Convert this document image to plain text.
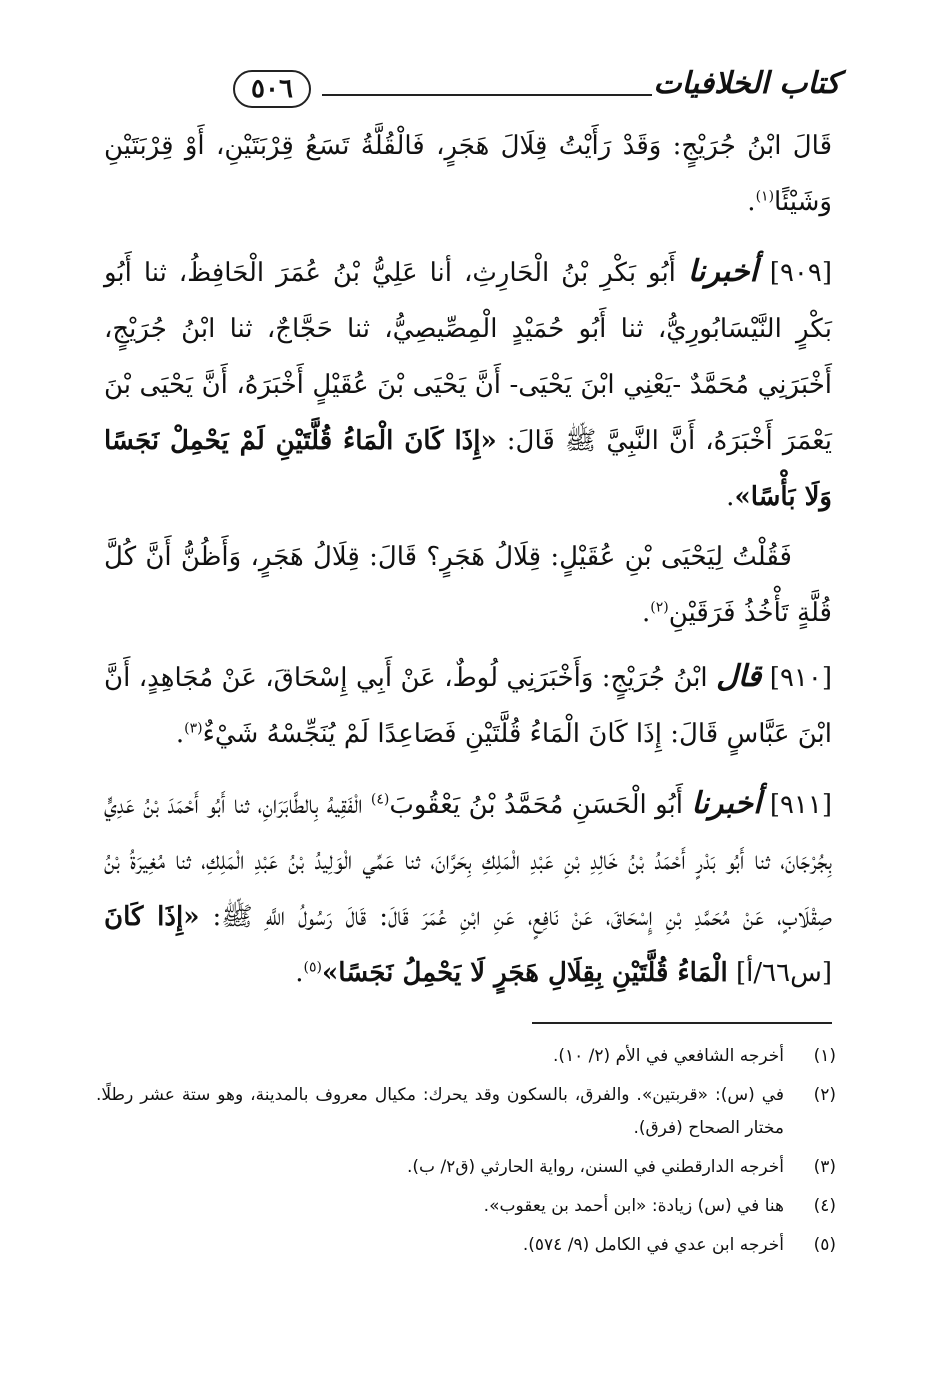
٥٠٦	كتاب الخلافيات

قَالَ ابْنُ جُرَيْجٍ: وَقَدْ رَأَيْتُ قِلَالَ هَجَرٍ، فَالْقُلَّةُ تَسَعُ قِرْبَتَيْنِ، أَوْ قِرْبَتَيْنِ وَشَيْئًا$^{(١)}$.

[٩٠٩] أخبرنا أَبُو بَكْرِ بْنُ الْحَارِثِ، أنا عَلِيُّ بْنُ عُمَرَ الْحَافِظُ، ثنا أَبُو بَكْرٍ النَّيْسَابُورِيُّ، ثنا أَبُو حُمَيْدٍ الْمِصِّيصِيُّ، ثنا حَجَّاجٌ، ثنا ابْنُ جُرَيْجٍ، أَخْبَرَنِي مُحَمَّدٌ -يَعْنِي ابْنَ يَحْيَى- أَنَّ يَحْيَى بْنَ عُقَيْلٍ أَخْبَرَهُ، أَنَّ يَحْيَى بْنَ يَعْمَرَ أَخْبَرَهُ، أَنَّ النَّبِيَّ ﷺ قَالَ: «إِذَا كَانَ الْمَاءُ قُلَّتَيْنِ لَمْ يَحْمِلْ نَجَسًا وَلَا بَأْسًا».

فَقُلْتُ لِيَحْيَى بْنِ عُقَيْلٍ: قِلَالُ هَجَرٍ؟ قَالَ: قِلَالُ هَجَرٍ، وَأَظُنُّ أَنَّ كُلَّ قُلَّةٍ تَأْخُذُ فَرَقَيْنِ$^{(٢)}$.

[٩١٠] قال ابْنُ جُرَيْجٍ: وَأَخْبَرَنِي لُوطٌ، عَنْ أَبِي إِسْحَاقَ، عَنْ مُجَاهِدٍ، أَنَّ ابْنَ عَبَّاسٍ قَالَ: إِذَا كَانَ الْمَاءُ قُلَّتَيْنِ فَصَاعِدًا لَمْ يُنَجِّسْهُ شَيْءٌ$^{(٣)}$.

[٩١١] أخبرنا أَبُو الْحَسَنِ مُحَمَّدُ بْنُ يَعْقُوبَ$^{(٤)}$ الْفَقِيهُ بِالطَّابَرَانِ، ثنا أَبُو أَحْمَدَ بْنُ عَدِيٍّ بِجُرْجَانَ، ثنا أَبُو بَدْرٍ أَحْمَدُ بْنُ خَالِدِ بْنِ عَبْدِ الْمَلِكِ بِحَرَّانَ، ثنا عَمِّي الْوَلِيدُ بْنُ عَبْدِ الْمَلِكِ، ثنا مُغِيرَةُ بْنُ صِقْلَابٍ، عَنْ مُحَمَّدِ بْنِ إِسْحَاقَ، عَنْ نَافِعٍ، عَنِ ابْنِ عُمَرَ قَالَ: قَالَ رَسُولُ اللَّهِ ﷺ: «إِذَا كَانَ [س٦٦/أ] الْمَاءُ قُلَّتَيْنِ بِقِلَالِ هَجَرٍ لَا يَحْمِلُ نَجَسًا»$^{(٥)}$.

(١)
أخرجه الشافعي في الأم (٢/ ١٠).

(٢)
في (س): «قربتين». والفرق، بالسكون وقد يحرك: مكيال معروف بالمدينة، وهو ستة عشر رطلًا. مختار الصحاح (فرق).

(٣)
أخرجه الدارقطني في السنن، رواية الحارثي (ق٢/ ب).

(٤)
هنا في (س) زيادة: «ابن أحمد بن يعقوب».

(٥)
أخرجه ابن عدي في الكامل (٩/ ٥٧٤).
